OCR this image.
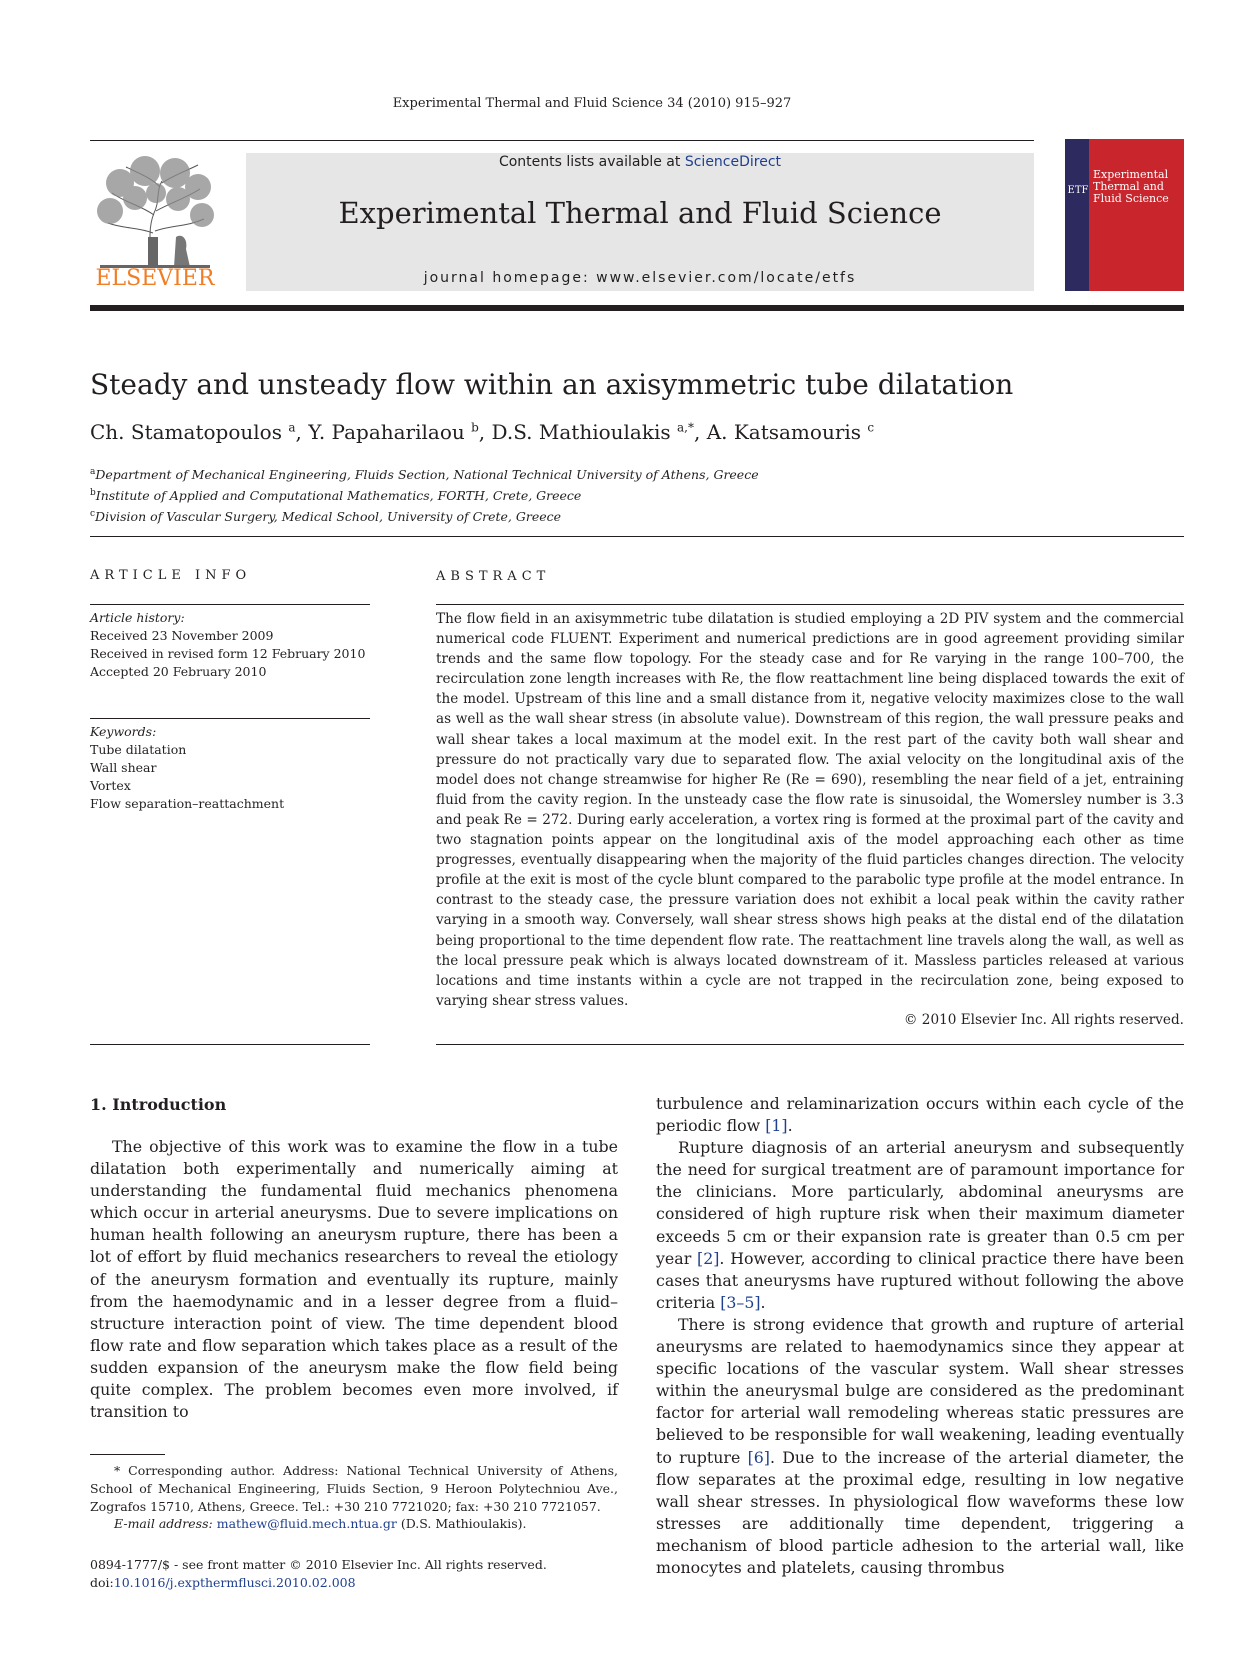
Experimental Thermal and Fluid Science 34 (2010) 915–927
ELSEVIER
Contents lists available at ScienceDirect
Experimental Thermal and Fluid Science
journal homepage: www.elsevier.com/locate/etfs
ETF
Experimental Thermal and Fluid Science
Steady and unsteady flow within an axisymmetric tube dilatation
Ch. Stamatopoulos $^a$, Y. Papaharilaou $^b$, D.S. Mathioulakis $^{a,*}$, A. Katsamouris $^c$
$^a$Department of Mechanical Engineering, Fluids Section, National Technical University of Athens, Greece
$^b$Institute of Applied and Computational Mathematics, FORTH, Crete, Greece
$^c$Division of Vascular Surgery, Medical School, University of Crete, Greece
ARTICLE INFO	ABSTRACT
Article history:
Received 23 November 2009
Received in revised form 12 February 2010
Accepted 20 February 2010
Keywords:
Tube dilatation
Wall shear
Vortex
Flow separation–reattachment

The flow field in an axisymmetric tube dilatation is studied employing a 2D PIV system and the commercial numerical code FLUENT. Experiment and numerical predictions are in good agreement providing similar trends and the same flow topology. For the steady case and for Re varying in the range 100–700, the recirculation zone length increases with Re, the flow reattachment line being displaced towards the exit of the model. Upstream of this line and a small distance from it, negative velocity maximizes close to the wall as well as the wall shear stress (in absolute value). Downstream of this region, the wall pressure peaks and wall shear takes a local maximum at the model exit. In the rest part of the cavity both wall shear and pressure do not practically vary due to separated flow. The axial velocity on the longitudinal axis of the model does not change streamwise for higher Re (Re = 690), resembling the near field of a jet, entraining fluid from the cavity region. In the unsteady case the flow rate is sinusoidal, the Womersley number is 3.3 and peak Re = 272. During early acceleration, a vortex ring is formed at the proximal part of the cavity and two stagnation points appear on the longitudinal axis of the model approaching each other as time progresses, eventually disappearing when the majority of the fluid particles changes direction. The velocity profile at the exit is most of the cycle blunt compared to the parabolic type profile at the model entrance. In contrast to the steady case, the pressure variation does not exhibit a local peak within the cavity rather varying in a smooth way. Conversely, wall shear stress shows high peaks at the distal end of the dilatation being proportional to the time dependent flow rate. The reattachment line travels along the wall, as well as the local pressure peak which is always located downstream of it. Massless particles released at various locations and time instants within a cycle are not trapped in the recirculation zone, being exposed to varying shear stress values.

© 2010 Elsevier Inc. All rights reserved.
1. Introduction

The objective of this work was to examine the flow in a tube dilatation both experimentally and numerically aiming at understanding the fundamental fluid mechanics phenomena which occur in arterial aneurysms. Due to severe implications on human health following an aneurysm rupture, there has been a lot of effort by fluid mechanics researchers to reveal the etiology of the aneurysm formation and eventually its rupture, mainly from the haemodynamic and in a lesser degree from a fluid–structure interaction point of view. The time dependent blood flow rate and flow separation which takes place as a result of the sudden expansion of the aneurysm make the flow field being quite complex. The problem becomes even more involved, if transition to

turbulence and relaminarization occurs within each cycle of the periodic flow [1].

Rupture diagnosis of an arterial aneurysm and subsequently the need for surgical treatment are of paramount importance for the clinicians. More particularly, abdominal aneurysms are considered of high rupture risk when their maximum diameter exceeds 5 cm or their expansion rate is greater than 0.5 cm per year [2]. However, according to clinical practice there have been cases that aneurysms have ruptured without following the above criteria [3–5].

There is strong evidence that growth and rupture of arterial aneurysms are related to haemodynamics since they appear at specific locations of the vascular system. Wall shear stresses within the aneurysmal bulge are considered as the predominant factor for arterial wall remodeling whereas static pressures are believed to be responsible for wall weakening, leading eventually to rupture [6]. Due to the increase of the arterial diameter, the flow separates at the proximal edge, resulting in low negative wall shear stresses. In physiological flow waveforms these low stresses are additionally time dependent, triggering a mechanism of blood particle adhesion to the arterial wall, like monocytes and platelets, causing thrombus

* Corresponding author. Address: National Technical University of Athens, School of Mechanical Engineering, Fluids Section, 9 Heroon Polytechniou Ave., Zografos 15710, Athens, Greece. Tel.: +30 210 7721020; fax: +30 210 7721057.

E-mail address: mathew@fluid.mech.ntua.gr (D.S. Mathioulakis).
0894-1777/$ - see front matter © 2010 Elsevier Inc. All rights reserved.
doi:10.1016/j.expthermflusci.2010.02.008
